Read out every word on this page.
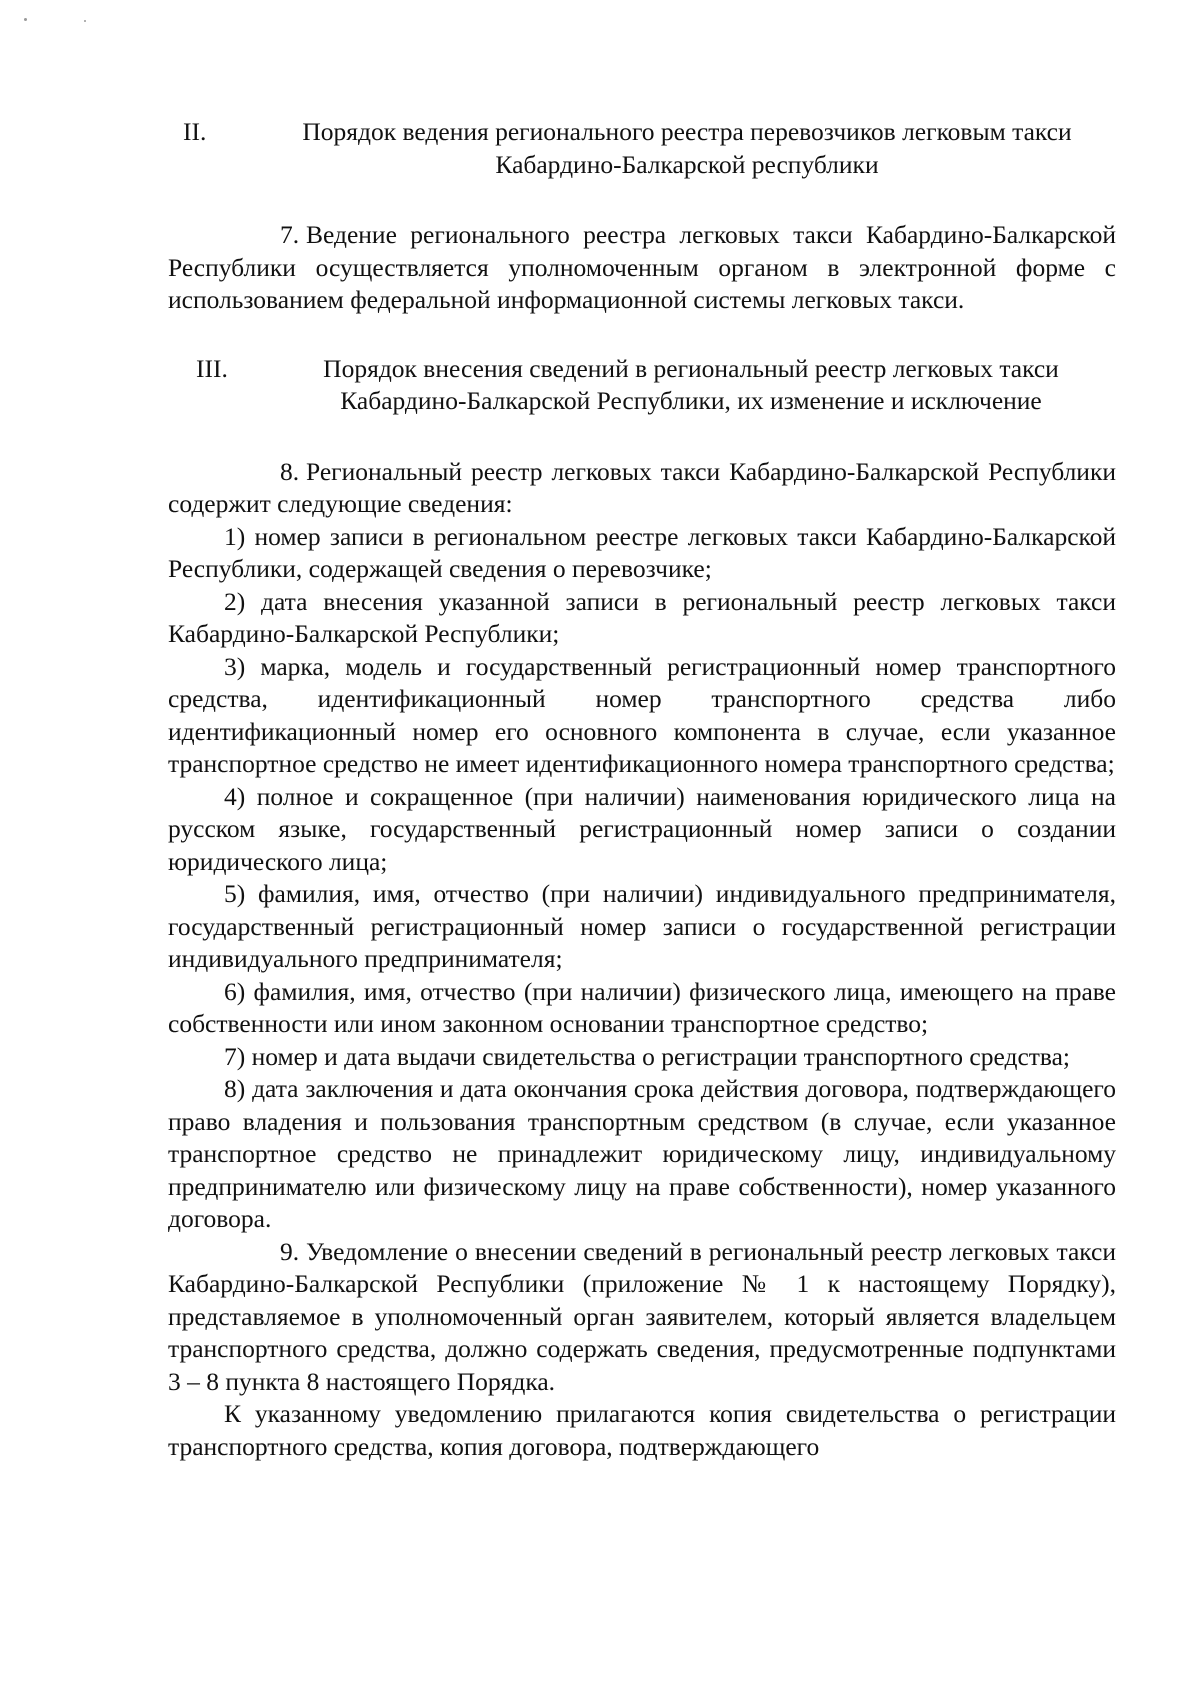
II.	Порядок ведения регионального реестра перевозчиков легковым такси Кабардино-Балкарской республики

7. Ведение регионального реестра легковых такси Кабардино-Балкарской Республики осуществляется уполномоченным органом в электронной форме с использованием федеральной информационной системы легковых такси.

III.	Порядок внесения сведений в региональный реестр легковых такси Кабардино-Балкарской Республики, их изменение и исключение

8. Региональный реестр легковых такси Кабардино-Балкарской Республики содержит следующие сведения:

1) номер записи в региональном реестре легковых такси Кабардино-Балкарской Республики, содержащей сведения о перевозчике;

2) дата внесения указанной записи в региональный реестр легковых такси Кабардино-Балкарской Республики;

3) марка, модель и государственный регистрационный номер транспортного средства, идентификационный номер транспортного средства либо идентификационный номер его основного компонента в случае, если указанное транспортное средство не имеет идентификационного номера транспортного средства;

4) полное и сокращенное (при наличии) наименования юридического лица на русском языке, государственный регистрационный номер записи о создании юридического лица;

5) фамилия, имя, отчество (при наличии) индивидуального предпринимателя, государственный регистрационный номер записи о государственной регистрации индивидуального предпринимателя;

6) фамилия, имя, отчество (при наличии) физического лица, имеющего на праве собственности или ином законном основании транспортное средство;

7) номер и дата выдачи свидетельства о регистрации транспортного средства;

8) дата заключения и дата окончания срока действия договора, подтверждающего право владения и пользования транспортным средством (в случае, если указанное транспортное средство не принадлежит юридическому лицу, индивидуальному предпринимателю или физическому лицу на праве собственности), номер указанного договора.

9. Уведомление о внесении сведений в региональный реестр легковых такси Кабардино-Балкарской Республики (приложение № 1 к настоящему Порядку), представляемое в уполномоченный орган заявителем, который является владельцем транспортного средства, должно содержать сведения, предусмотренные подпунктами 3 – 8 пункта 8 настоящего Порядка.

К указанному уведомлению прилагаются копия свидетельства о регистрации транспортного средства, копия договора, подтверждающего
